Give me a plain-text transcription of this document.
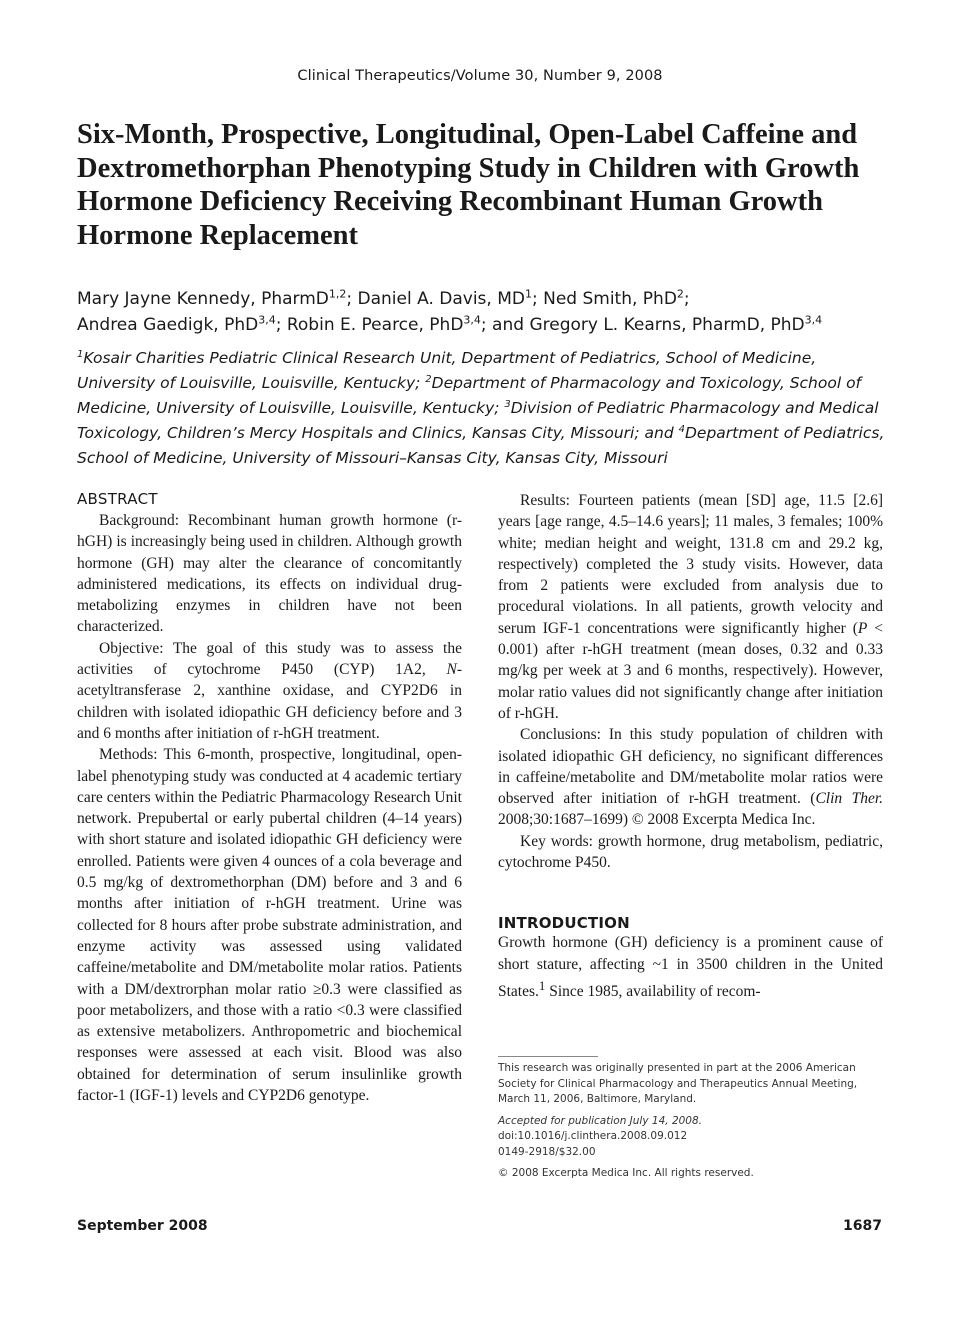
Clinical Therapeutics/Volume 30, Number 9, 2008
Six-Month, Prospective, Longitudinal, Open-Label Caffeine and Dextromethorphan Phenotyping Study in Children with Growth Hormone Deficiency Receiving Recombinant Human Growth Hormone Replacement
Mary Jayne Kennedy, PharmD$^{1,2}$; Daniel A. Davis, $MD^1$; Ned Smith, PhD$^2$;
Andrea Gaedigk, PhD$^{3,4}$; Robin E. Pearce, PhD$^{3,4}$; and Gregory L. Kearns, PharmD, PhD$^{3,4}$
$^1$Kosair Charities Pediatric Clinical Research Unit, Department of Pediatrics, School of Medicine, University of Louisville, Louisville, Kentucky; $^2$Department of Pharmacology and Toxicology, School of Medicine, University of Louisville, Louisville, Kentucky; $^3$Division of Pediatric Pharmacology and Medical Toxicology, Children’s Mercy Hospitals and Clinics, Kansas City, Missouri; and $^4$Department of Pediatrics, School of Medicine, University of Missouri–Kansas City, Kansas City, Missouri
ABSTRACT

Background: Recombinant human growth hormone (r-hGH) is increasingly being used in children. Although growth hormone (GH) may alter the clearance of concomitantly administered medications, its effects on individual drug-metabolizing enzymes in children have not been characterized.

Objective: The goal of this study was to assess the activities of cytochrome P450 (CYP) 1A2, N-acetyltransferase 2, xanthine oxidase, and CYP2D6 in children with isolated idiopathic GH deficiency before and 3 and 6 months after initiation of r-hGH treatment.

Methods: This 6-month, prospective, longitudinal, open-label phenotyping study was conducted at 4 academic tertiary care centers within the Pediatric Pharmacology Research Unit network. Prepubertal or early pubertal children (4–14 years) with short stature and isolated idiopathic GH deficiency were enrolled. Patients were given 4 ounces of a cola beverage and 0.5 mg/kg of dextromethorphan (DM) before and 3 and 6 months after initiation of r-hGH treatment. Urine was collected for 8 hours after probe substrate administration, and enzyme activity was assessed using validated caffeine/metabolite and DM/metabolite molar ratios. Patients with a DM/dextrorphan molar ratio ≥0.3 were classified as poor metabolizers, and those with a ratio <0.3 were classified as extensive metabolizers. Anthropometric and biochemical responses were assessed at each visit. Blood was also obtained for determination of serum insulinlike growth factor-1 (IGF-1) levels and CYP2D6 genotype.

Results: Fourteen patients (mean [SD] age, 11.5 [2.6] years [age range, 4.5–14.6 years]; 11 males, 3 females; 100% white; median height and weight, 131.8 cm and 29.2 kg, respectively) completed the 3 study visits. However, data from 2 patients were excluded from analysis due to procedural violations. In all patients, growth velocity and serum IGF-1 concentrations were significantly higher (P < 0.001) after r-hGH treatment (mean doses, 0.32 and 0.33 mg/kg per week at 3 and 6 months, respectively). However, molar ratio values did not significantly change after initiation of r-hGH.

Conclusions: In this study population of children with isolated idiopathic GH deficiency, no significant differences in caffeine/metabolite and DM/metabolite molar ratios were observed after initiation of r-hGH treatment. (Clin Ther. 2008;30:1687–1699) © 2008 Excerpta Medica Inc.

Key words: growth hormone, drug metabolism, pediatric, cytochrome P450.

INTRODUCTION

Growth hormone (GH) deficiency is a prominent cause of short stature, affecting ~1 in 3500 children in the United States.$^1$ Since 1985, availability of recom-

This research was originally presented in part at the 2006 American Society for Clinical Pharmacology and Therapeutics Annual Meeting, March 11, 2006, Baltimore, Maryland.

Accepted for publication July 14, 2008.

doi:10.1016/j.clinthera.2008.09.012

0149-2918/$32.00

© 2008 Excerpta Medica Inc. All rights reserved.

September 2008	1687
